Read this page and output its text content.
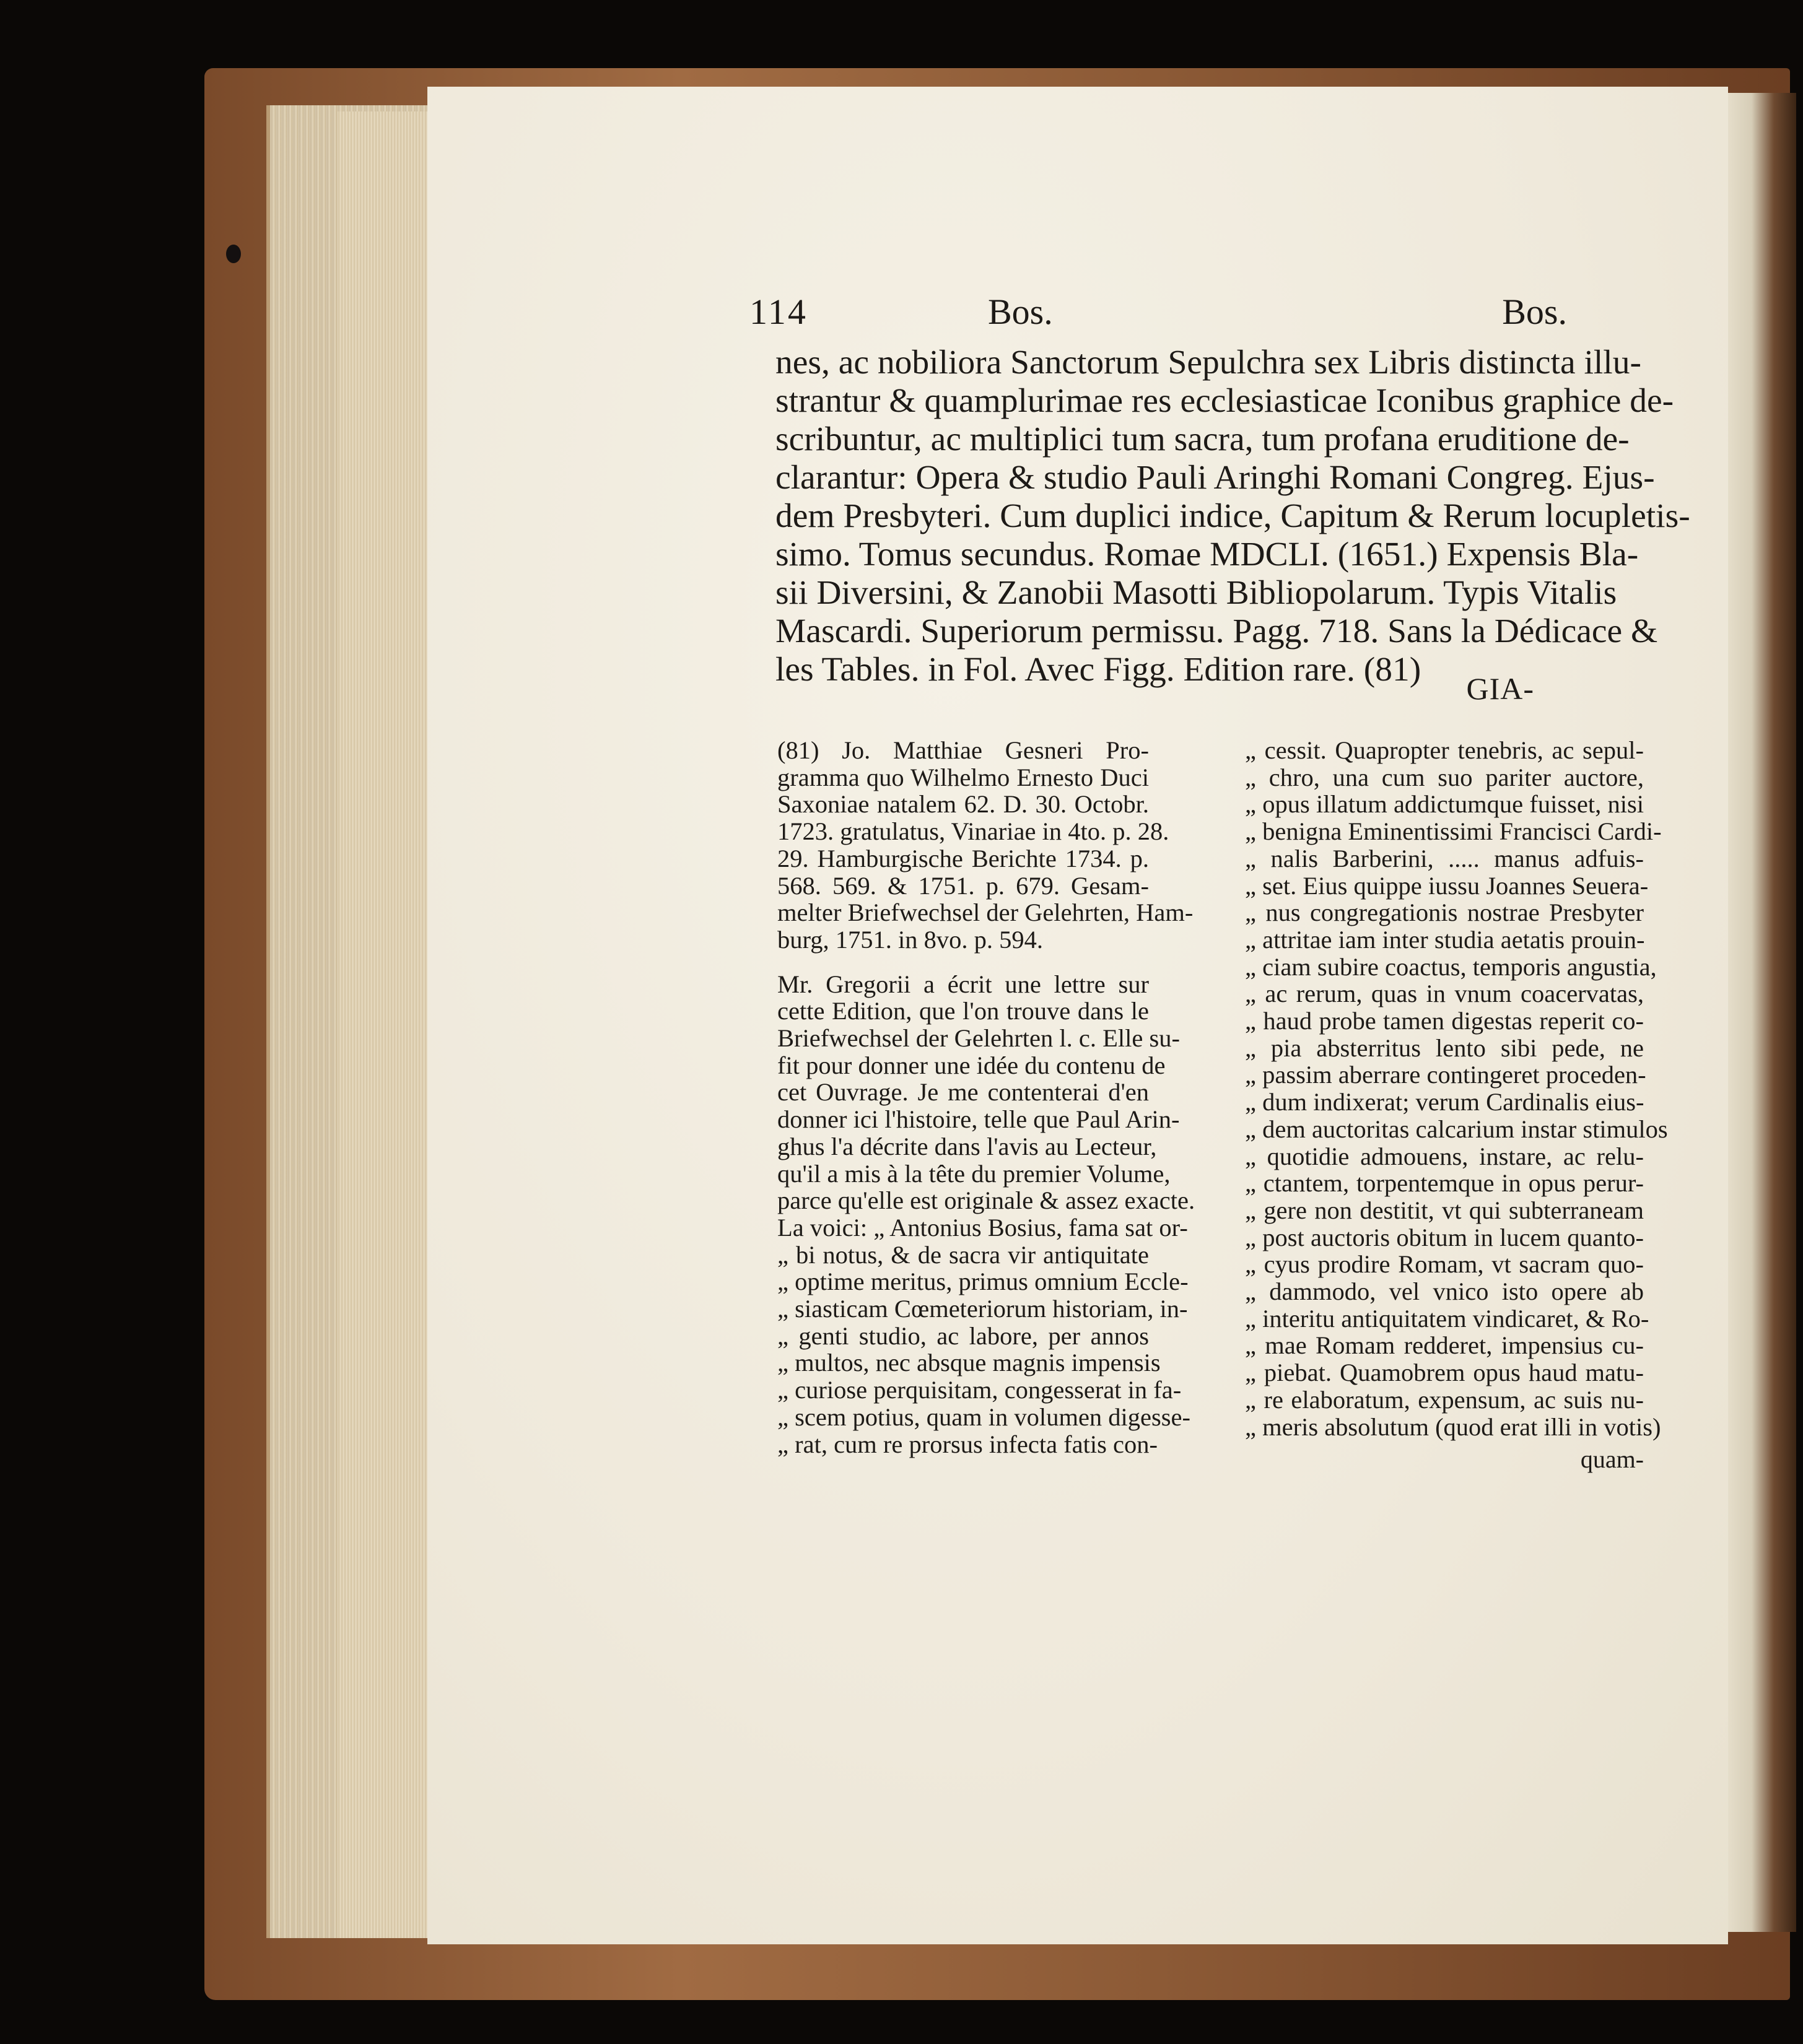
114	Bos.	Bos.
nes, ac nobiliora Sanctorum Sepulchra sex Libris distincta illu-
strantur & quamplurimae res ecclesiasticae Iconibus graphice de-
scribuntur, ac multiplici tum sacra, tum profana eruditione de-
clarantur: Opera & studio Pauli Aringhi Romani Congreg. Ejus-
dem Presbyteri. Cum duplici indice, Capitum & Rerum locupletis-
simo. Tomus secundus. Romae MDCLI. (1651.) Expensis Bla-
sii Diversini, & Zanobii Masotti Bibliopolarum. Typis Vitalis
Mascardi. Superiorum permissu. Pagg. 718. Sans la Dédicace &
les Tables. in Fol. Avec Figg. Edition rare. (81)	GIA-
(81) Jo. Matthiae Gesneri Pro-
gramma quo Wilhelmo Ernesto Duci
Saxoniae natalem 62. D. 30. Octobr.
1723. gratulatus, Vinariae in 4to. p. 28.
29. Hamburgische Berichte 1734. p.
568. 569. & 1751. p. 679. Gesam-
melter Briefwechsel der Gelehrten, Ham-
burg, 1751. in 8vo. p. 594.
Mr. Gregorii a écrit une lettre sur
cette Edition, que l'on trouve dans le
Briefwechsel der Gelehrten l. c. Elle su-
fit pour donner une idée du contenu de
cet Ouvrage. Je me contenterai d'en
donner ici l'histoire, telle que Paul Arin-
ghus l'a décrite dans l'avis au Lecteur,
qu'il a mis à la tête du premier Volume,
parce qu'elle est originale & assez exacte.
La voici: „ Antonius Bosius, fama sat or-
„ bi notus, & de sacra vir antiquitate
„ optime meritus, primus omnium Eccle-
„ siasticam Cœmeteriorum historiam, in-
„ genti studio, ac labore, per annos
„ multos, nec absque magnis impensis
„ curiose perquisitam, congesserat in fa-
„ scem potius, quam in volumen digesse-
„ rat, cum re prorsus infecta fatis con-
„ cessit. Quapropter tenebris, ac sepul-
„ chro, una cum suo pariter auctore,
„ opus illatum addictumque fuisset, nisi
„ benigna Eminentissimi Francisci Cardi-
„ nalis Barberini, ..... manus adfuis-
„ set. Eius quippe iussu Joannes Seuera-
„ nus congregationis nostrae Presbyter
„ attritae iam inter studia aetatis prouin-
„ ciam subire coactus, temporis angustia,
„ ac rerum, quas in vnum coacervatas,
„ haud probe tamen digestas reperit co-
„ pia absterritus lento sibi pede, ne
„ passim aberrare contingeret proceden-
„ dum indixerat; verum Cardinalis eius-
„ dem auctoritas calcarium instar stimulos
„ quotidie admouens, instare, ac relu-
„ ctantem, torpentemque in opus perur-
„ gere non destitit, vt qui subterraneam
„ post auctoris obitum in lucem quanto-
„ cyus prodire Romam, vt sacram quo-
„ dammodo, vel vnico isto opere ab
„ interitu antiquitatem vindicaret, & Ro-
„ mae Romam redderet, impensius cu-
„ piebat. Quamobrem opus haud matu-
„ re elaboratum, expensum, ac suis nu-
„ meris absolutum (quod erat illi in votis)
quam-
